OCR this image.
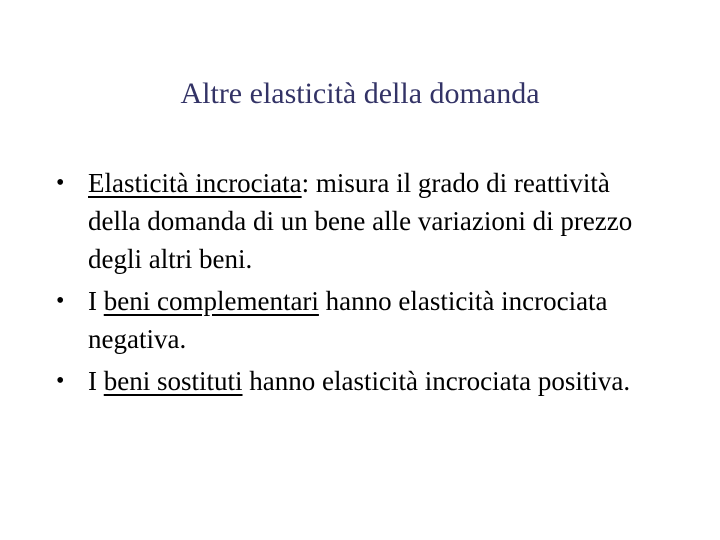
Altre elasticità della domanda
• Elasticità incrociata: misura il grado di reattività della domanda di un bene alle variazioni di prezzo degli altri beni.
• I beni complementari hanno elasticità incrociata negativa.
• I beni sostituti hanno elasticità incrociata positiva.
